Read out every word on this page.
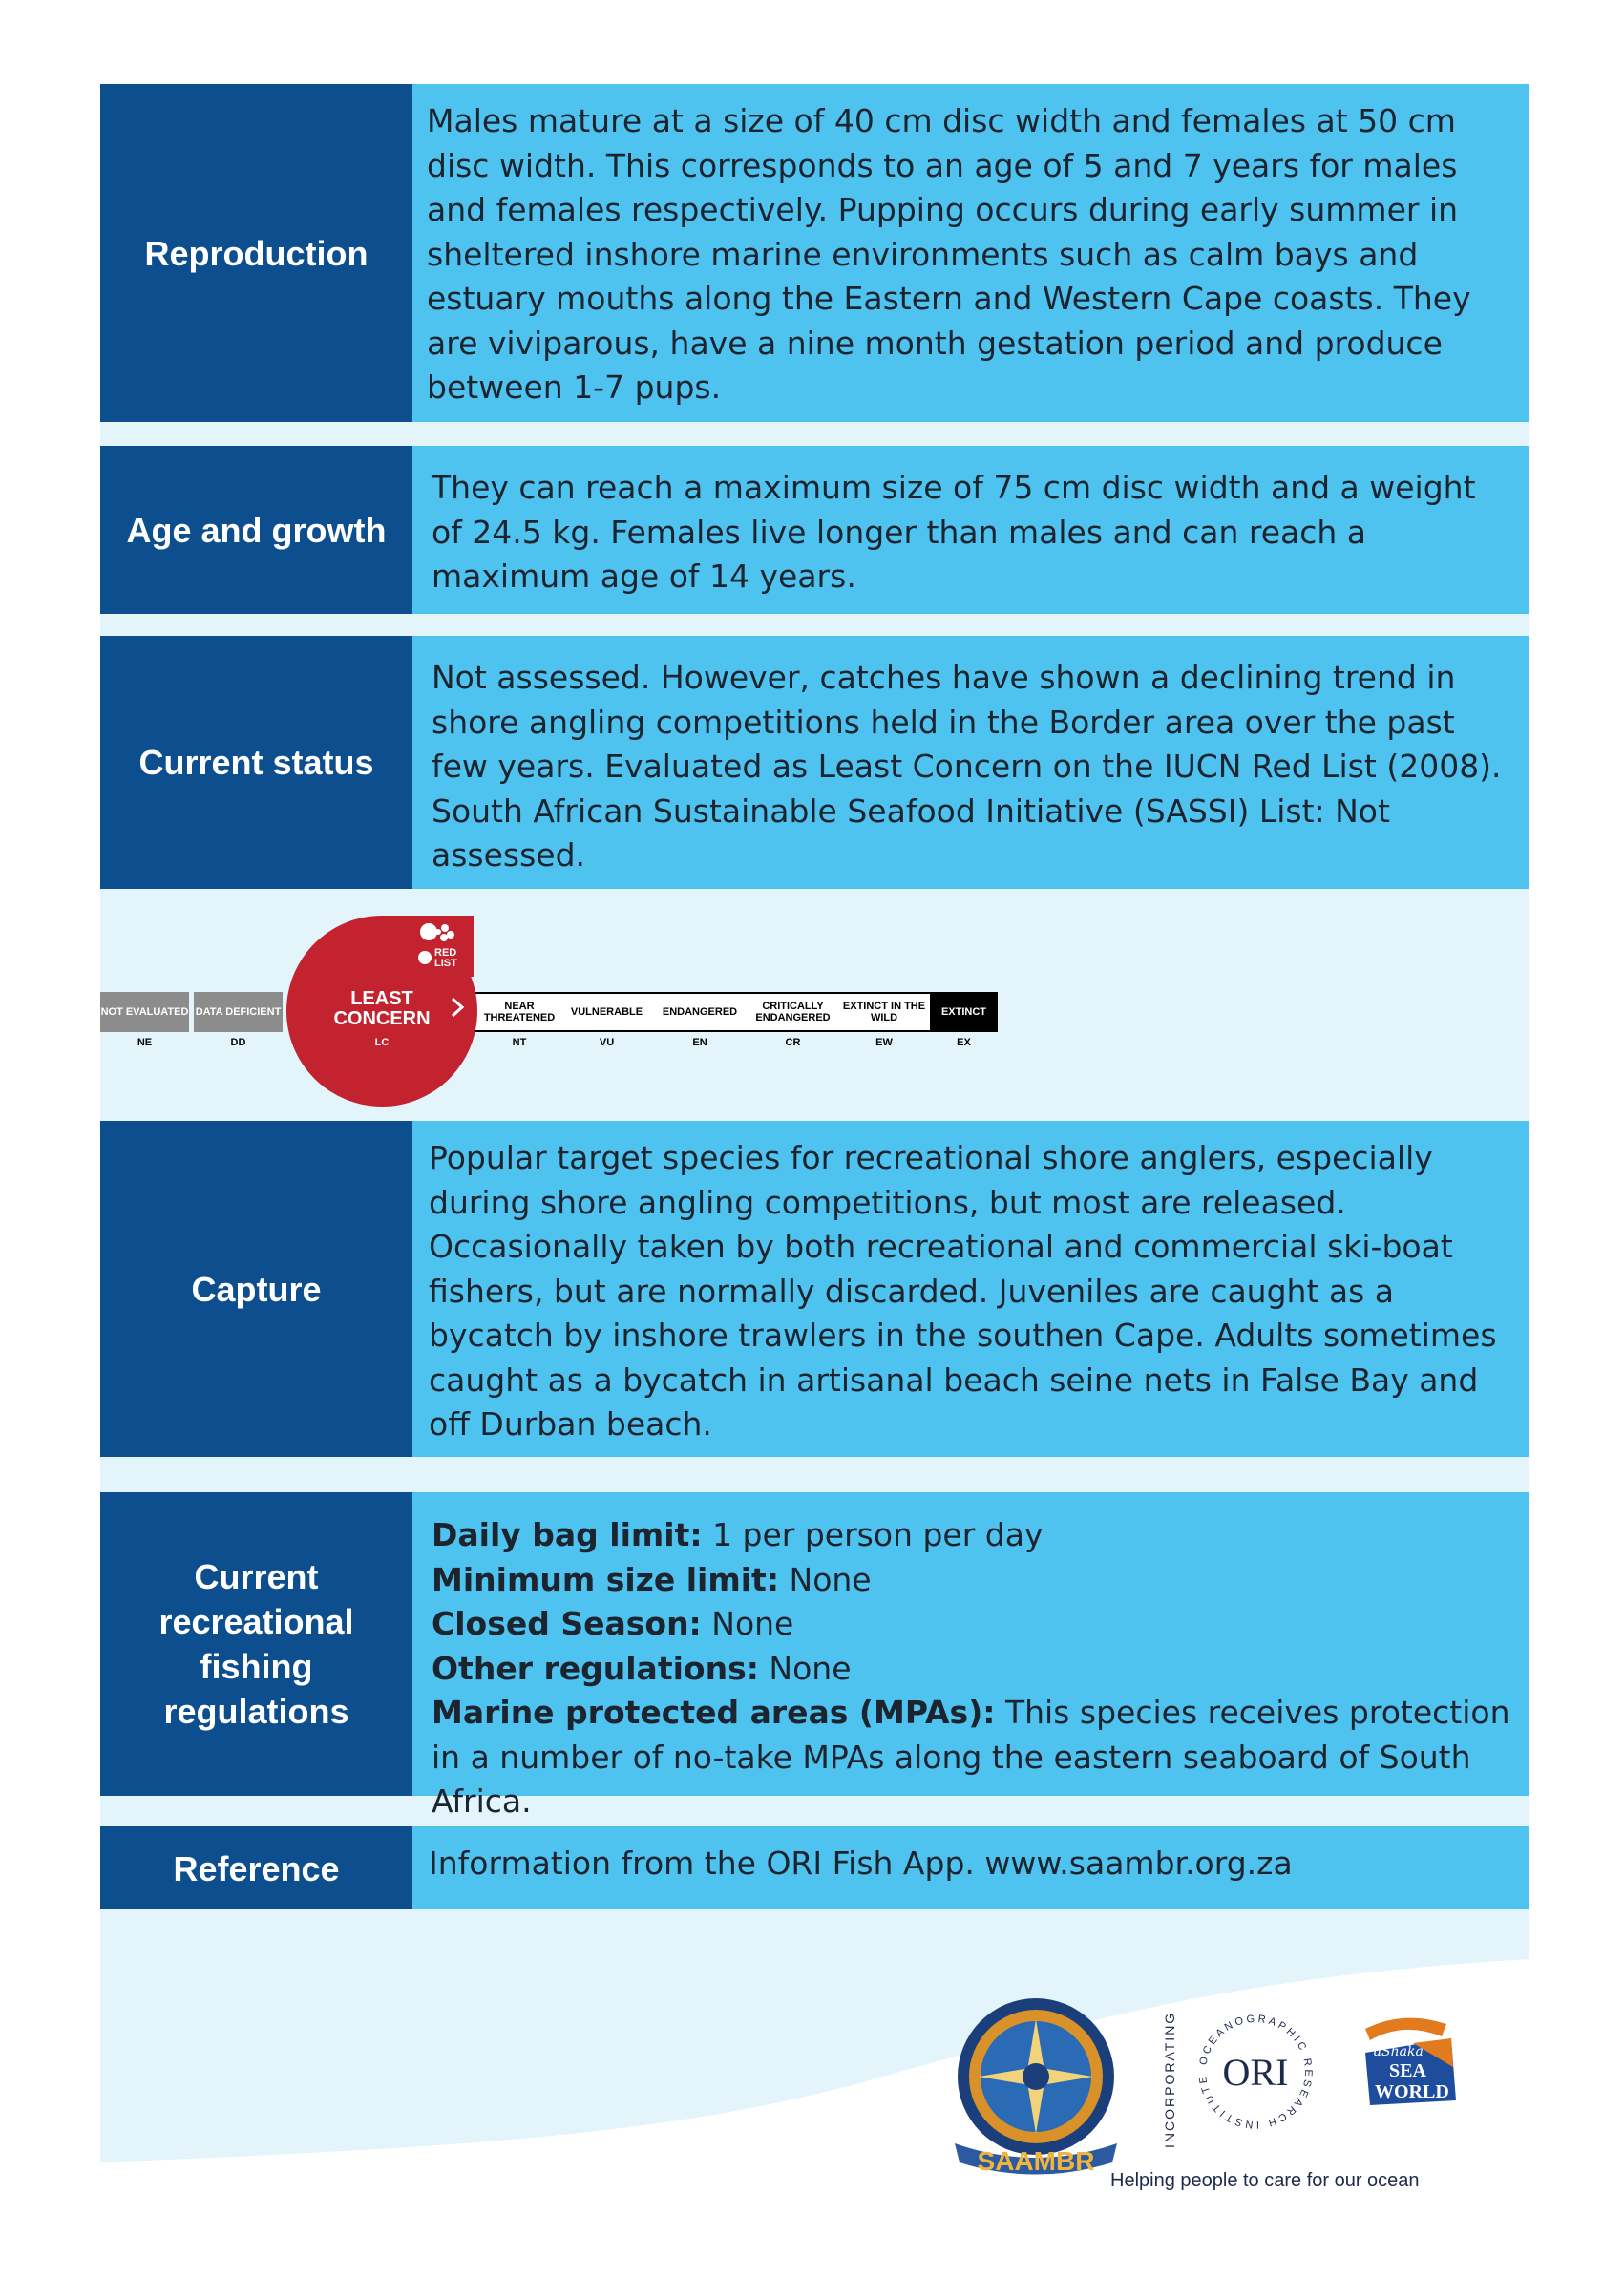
Reproduction
Males mature at a size of 40 cm disc width and females at 50 cm disc width. This corresponds to an age of 5 and 7 years for males and females respectively. Pupping occurs during early summer in sheltered inshore marine environments such as calm bays and estuary mouths along the Eastern and Western Cape coasts. They are viviparous, have a nine month gestation period and produce between 1-7 pups.
Age and growth
They can reach a maximum size of 75 cm disc width and a weight of 24.5 kg. Females live longer than males and can reach a maximum age of 14 years.
Current status
Not assessed. However, catches have shown a declining trend in shore angling competitions held in the Border area over the past few years. Evaluated as Least Concern on the IUCN Red List (2008). South African Sustainable Seafood Initiative (SASSI) List: Not assessed.
NOT EVALUATED
NE
DATA DEFICIENT
DD
LEAST CONCERN
LC
RED
LIST
NEAR THREATENED
NT
VULNERABLE
VU
ENDANGERED
EN
CRITICALLY ENDANGERED
CR
EXTINCT IN THE WILD
EW
EXTINCT
EX
Capture
Popular target species for recreational shore anglers, especially during shore angling competitions, but most are released. Occasionally taken by both recreational and commercial ski-boat fishers, but are normally discarded. Juveniles are caught as a bycatch by inshore trawlers in the southen Cape. Adults sometimes caught as a bycatch in artisanal beach seine nets in False Bay and off Durban beach.
Current recreational fishing regulations
Daily bag limit: 1 per person per day
Minimum size limit: None
Closed Season: None
Other regulations: None
Marine protected areas (MPAs): This species receives protection in a number of no-take MPAs along the eastern seaboard of South Africa.
Reference	Information from the ORI Fish App. www.saambr.org.za
SAAMBR
INCORPORATING OCEANOGRAPHIC RESEARCH INSTITUTE ORI	uShaka
SEA
WORLD
Helping people to care for our ocean
